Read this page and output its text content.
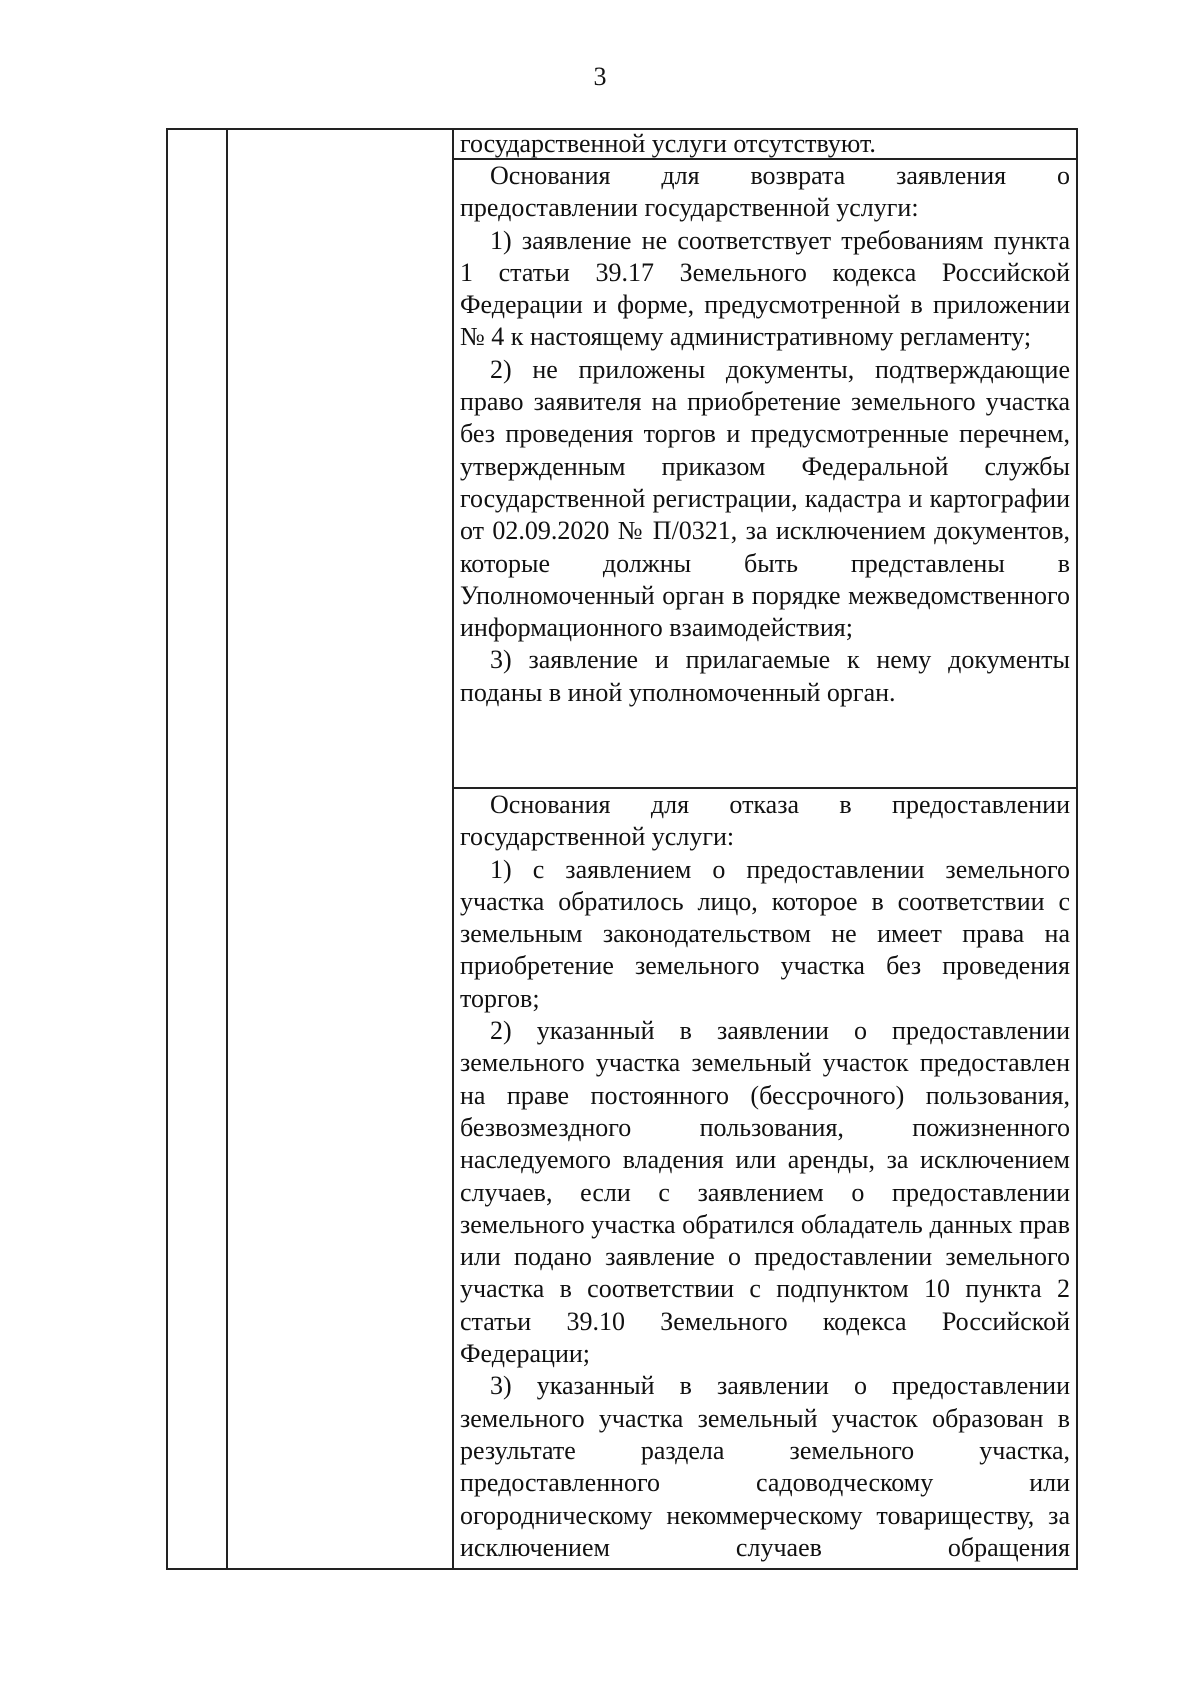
3

государственной услуги отсутствуют.

Основания для возврата заявления о предоставлении государственной услуги:

1) заявление не соответствует требованиям пункта 1 статьи 39.17 Земельного кодекса Российской Федерации и форме, предусмотренной в приложении № 4 к настоящему административному регламенту;

2) не приложены документы, подтверждающие право заявителя на приобретение земельного участка без проведения торгов и предусмотренные перечнем, утвержденным приказом Федеральной службы государственной регистрации, кадастра и картографии от 02.09.2020 № П/0321, за исключением документов, которые должны быть представлены в Уполномоченный орган в порядке межведомственного информационного взаимодействия;

3) заявление и прилагаемые к нему документы поданы в иной уполномоченный орган.

Основания для отказа в предоставлении государственной услуги:

1) с заявлением о предоставлении земельного участка обратилось лицо, которое в соответствии с земельным законодательством не имеет права на приобретение земельного участка без проведения торгов;

2) указанный в заявлении о предоставлении земельного участка земельный участок предоставлен на праве постоянного (бессрочного) пользования, безвозмездного пользования, пожизненного наследуемого владения или аренды, за исключением случаев, если с заявлением о предоставлении земельного участка обратился обладатель данных прав или подано заявление о предоставлении земельного участка в соответствии с подпунктом 10 пункта 2 статьи 39.10 Земельного кодекса Российской Федерации;

3) указанный в заявлении о предоставлении земельного участка земельный участок образован в результате раздела земельного участка, предоставленного садоводческому или огородническому некоммерческому товариществу, за исключением случаев обращения
